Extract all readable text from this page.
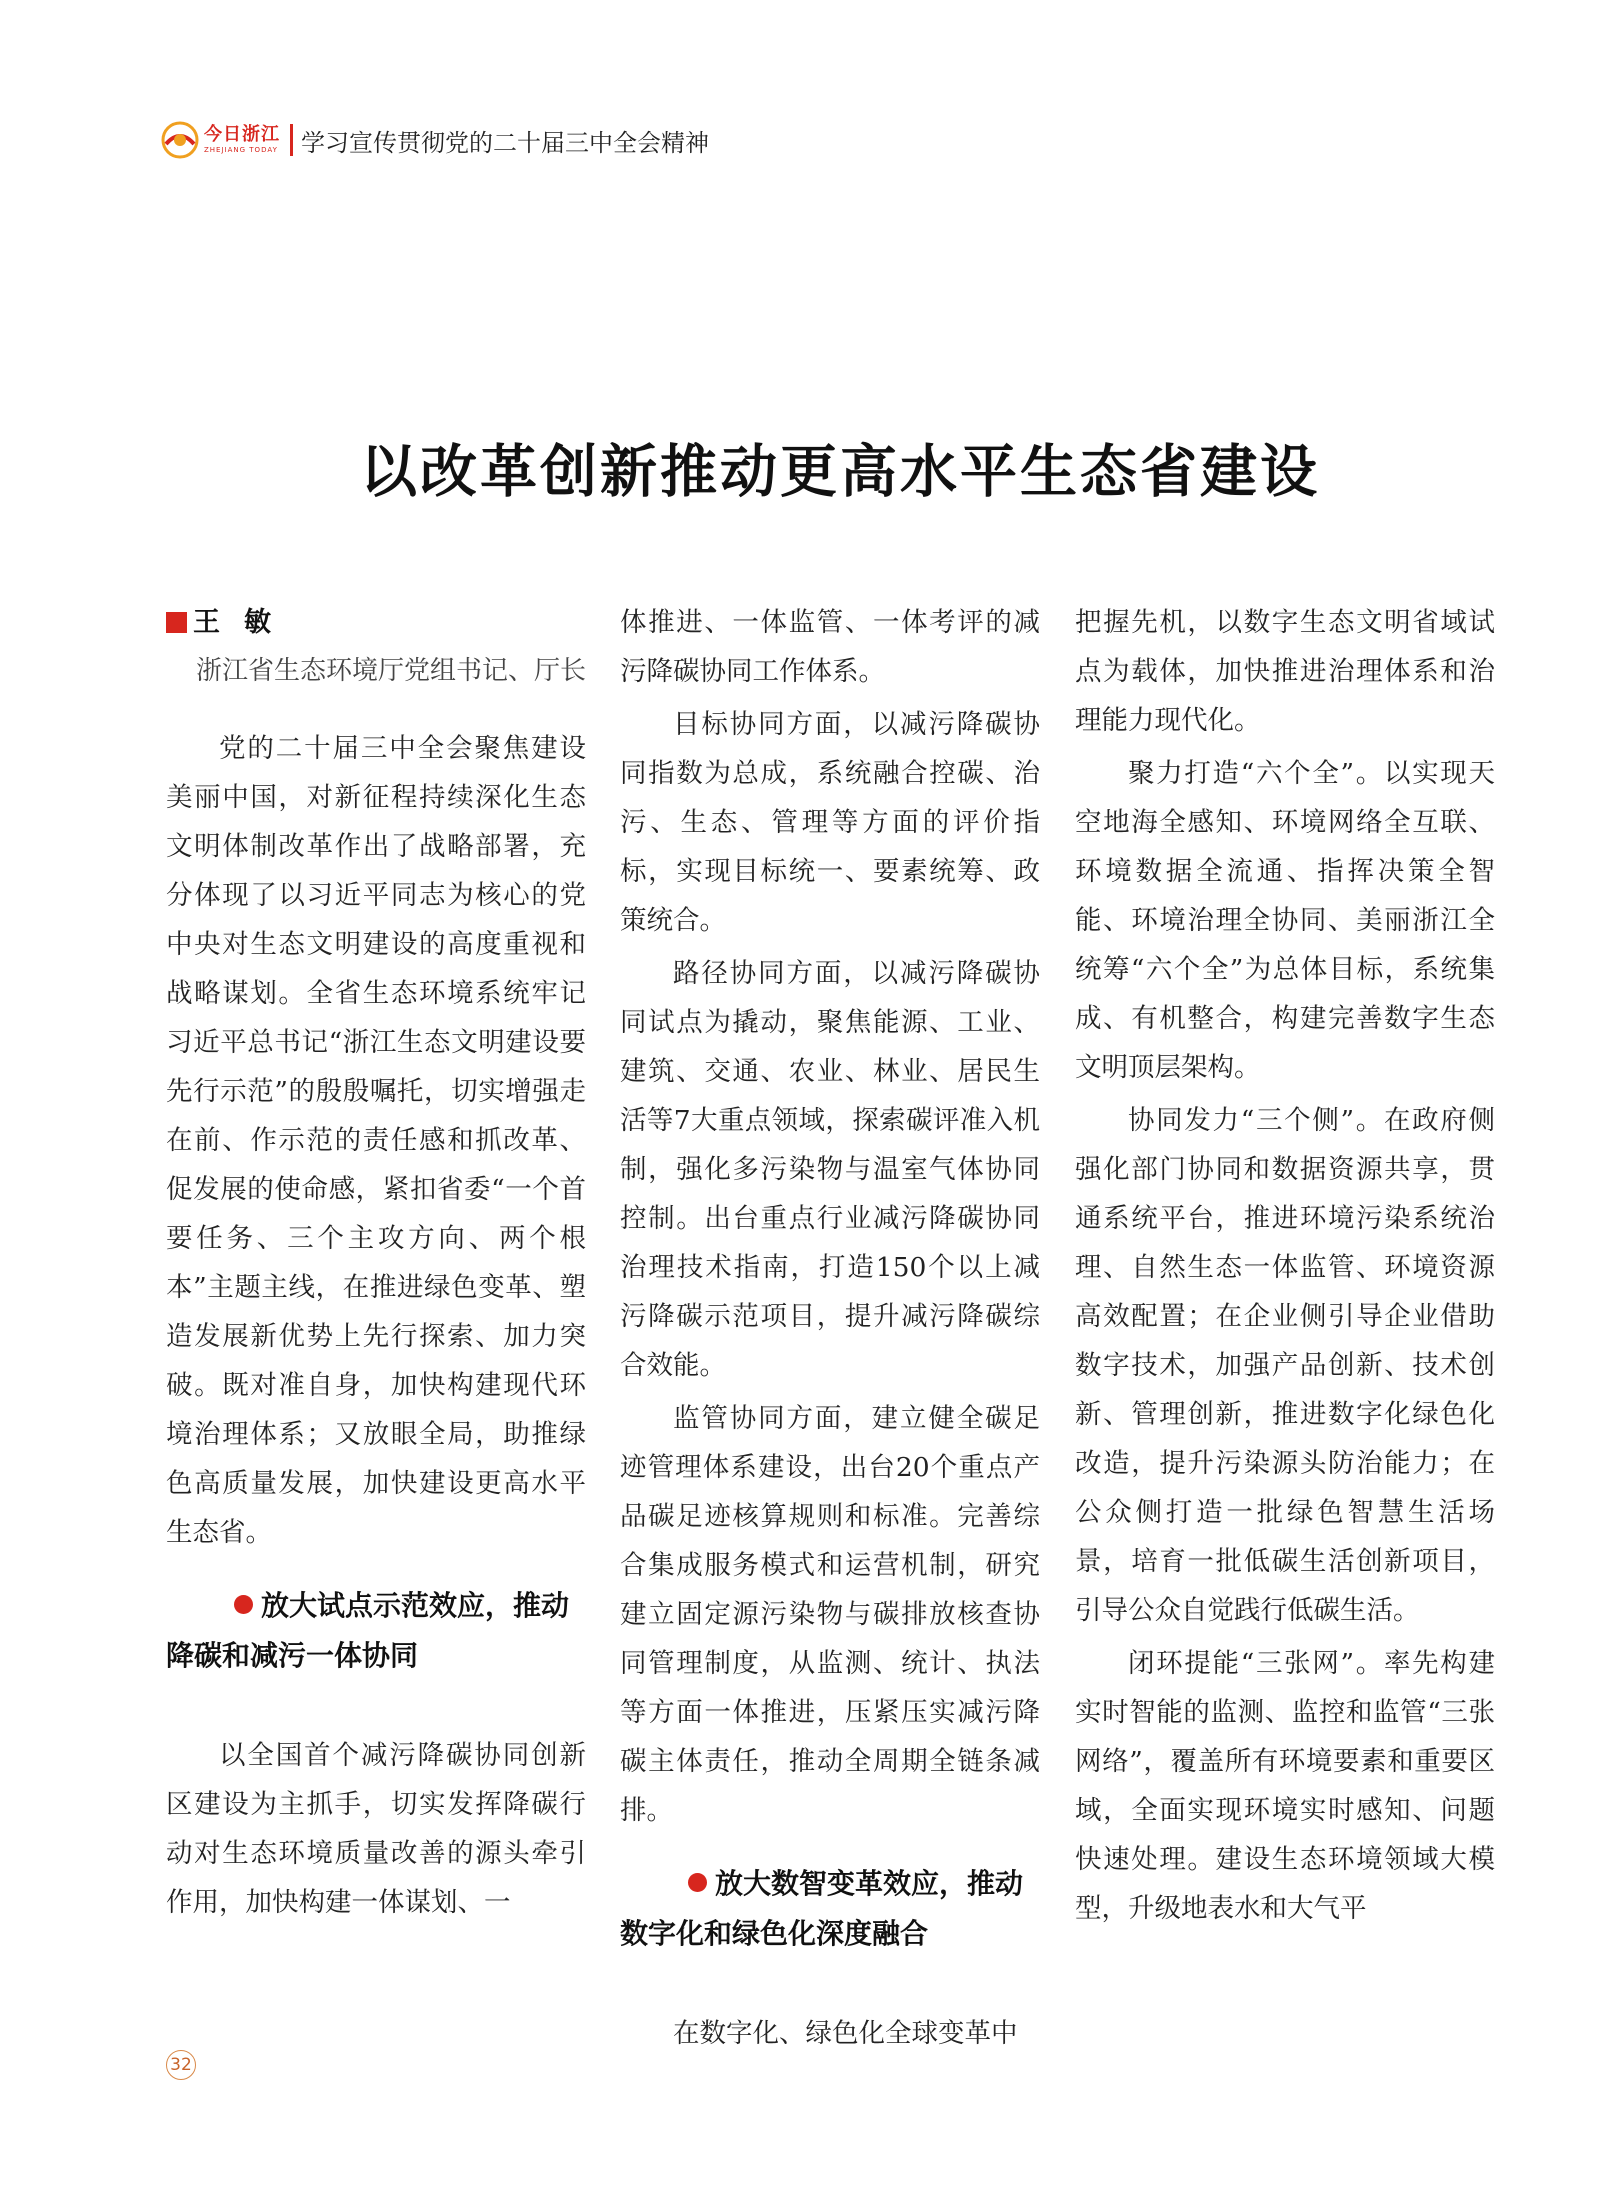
今日浙江
ZHEJIANG TODAY 学习宣传贯彻党的二十届三中全会精神
以改革创新推动更高水平生态省建设
王敏
浙江省生态环境厅党组书记、厅长

党的二十届三中全会聚焦建设美丽中国，对新征程持续深化生态文明体制改革作出了战略部署，充分体现了以习近平同志为核心的党中央对生态文明建设的高度重视和战略谋划。全省生态环境系统牢记习近平总书记“浙江生态文明建设要先行示范”的殷殷嘱托，切实增强走在前、作示范的责任感和抓改革、促发展的使命感，紧扣省委“一个首要任务、三个主攻方向、两个根本”主题主线，在推进绿色变革、塑造发展新优势上先行探索、加力突破。既对准自身，加快构建现代环境治理体系；又放眼全局，助推绿色高质量发展，加快建设更高水平生态省。

放大试点示范效应，推动降碳和减污一体协同

以全国首个减污降碳协同创新区建设为主抓手，切实发挥降碳行动对生态环境质量改善的源头牵引作用，加快构建一体谋划、一

体推进、一体监管、一体考评的减污降碳协同工作体系。

目标协同方面，以减污降碳协同指数为总成，系统融合控碳、治污、生态、管理等方面的评价指标，实现目标统一、要素统筹、政策统合。

路径协同方面，以减污降碳协同试点为撬动，聚焦能源、工业、建筑、交通、农业、林业、居民生活等7大重点领域，探索碳评准入机制，强化多污染物与温室气体协同控制。出台重点行业减污降碳协同治理技术指南，打造150个以上减污降碳示范项目，提升减污降碳综合效能。

监管协同方面，建立健全碳足迹管理体系建设，出台20个重点产品碳足迹核算规则和标准。完善综合集成服务模式和运营机制，研究建立固定源污染物与碳排放核查协同管理制度，从监测、统计、执法等方面一体推进，压紧压实减污降碳主体责任，推动全周期全链条减排。

放大数智变革效应，推动数字化和绿色化深度融合

在数字化、绿色化全球变革中

把握先机，以数字生态文明省域试点为载体，加快推进治理体系和治理能力现代化。

聚力打造“六个全”。以实现天空地海全感知、环境网络全互联、环境数据全流通、指挥决策全智能、环境治理全协同、美丽浙江全统筹“六个全”为总体目标，系统集成、有机整合，构建完善数字生态文明顶层架构。

协同发力“三个侧”。在政府侧强化部门协同和数据资源共享，贯通系统平台，推进环境污染系统治理、自然生态一体监管、环境资源高效配置；在企业侧引导企业借助数字技术，加强产品创新、技术创新、管理创新，推进数字化绿色化改造，提升污染源头防治能力；在公众侧打造一批绿色智慧生活场景，培育一批低碳生活创新项目，引导公众自觉践行低碳生活。

闭环提能“三张网”。率先构建实时智能的监测、监控和监管“三张网络”，覆盖所有环境要素和重要区域，全面实现环境实时感知、问题快速处理。建设生态环境领域大模型，升级地表水和大气平

32
